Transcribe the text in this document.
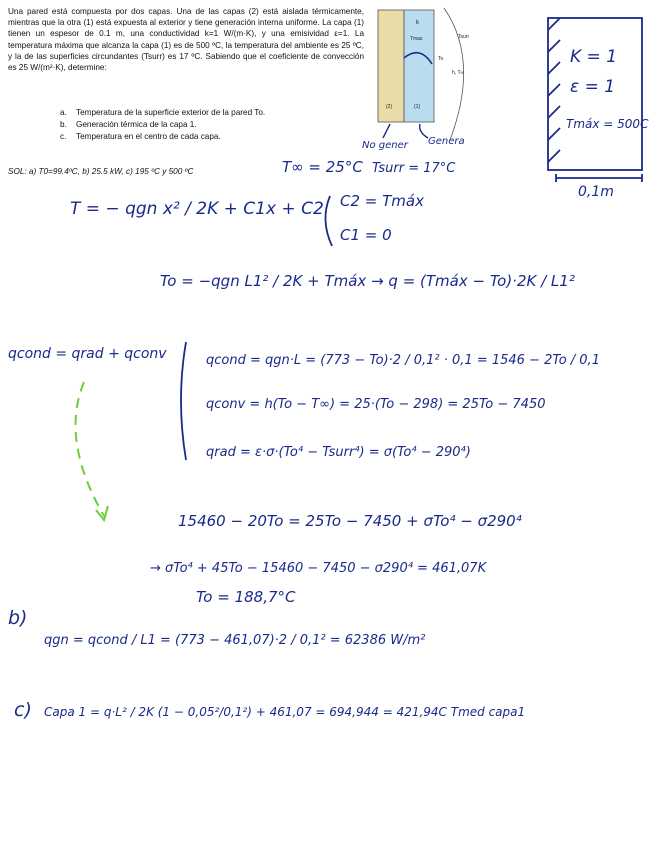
Una pared está compuesta por dos capas. Una de las capas (2) está aislada térmicamente, mientras que la otra (1) está expuesta al exterior y tiene generación interna uniforme. La capa (1) tienen un espesor de 0.1 m, una conductividad k=1 W/(m·K), y una emisividad ε=1. La temperatura máxima que alcanza la capa (1) es de 500 ºC, la temperatura del ambiente es 25 ºC, y la de las superficies circundantes (Tsurr) es 17 ºC. Sabiendo que el coeficiente de convección es 25 W/(m²·K), determine:
a.	Temperatura de la superficie exterior de la pared To.
b.	Generación térmica de la capa 1.
c.	Temperatura en el centro de cada capa.
SOL: a) T0=99.4ºC, b) 25.5 kW, c) 195 ºC y 500 ºC
k
Tmax
To
Tsurr
h, T∞
(2)	(1)
No gener Genera
K = 1
ε = 1
Tmáx = 500C
0,1m
T∞ = 25°C Tsurr = 17°C
T = − qgn x² / 2K + C1x + C2 C2 = Tmáx
C1 = 0
To = −qgn L1² / 2K + Tmáx → q = (Tmáx − To)·2K / L1²
qcond = qrad + qconv	qcond = qgn·L = (773 − To)·2 / 0,1² · 0,1 = 1546 − 2To / 0,1
qconv = h(To − T∞) = 25·(To − 298) = 25To − 7450
qrad = ε·σ·(To⁴ − Tsurr⁴) = σ(To⁴ − 290⁴)
15460 − 20To = 25To − 7450 + σTo⁴ − σ290⁴
→ σTo⁴ + 45To − 15460 − 7450 − σ290⁴ = 461,07K
To = 188,7°C
b)
qgn = qcond / L1 = (773 − 461,07)·2 / 0,1² = 62386 W/m²
c) Capa 1 = q·L² / 2K (1 − 0,05²/0,1²) + 461,07 = 694,944 = 421,94C Tmed capa1
